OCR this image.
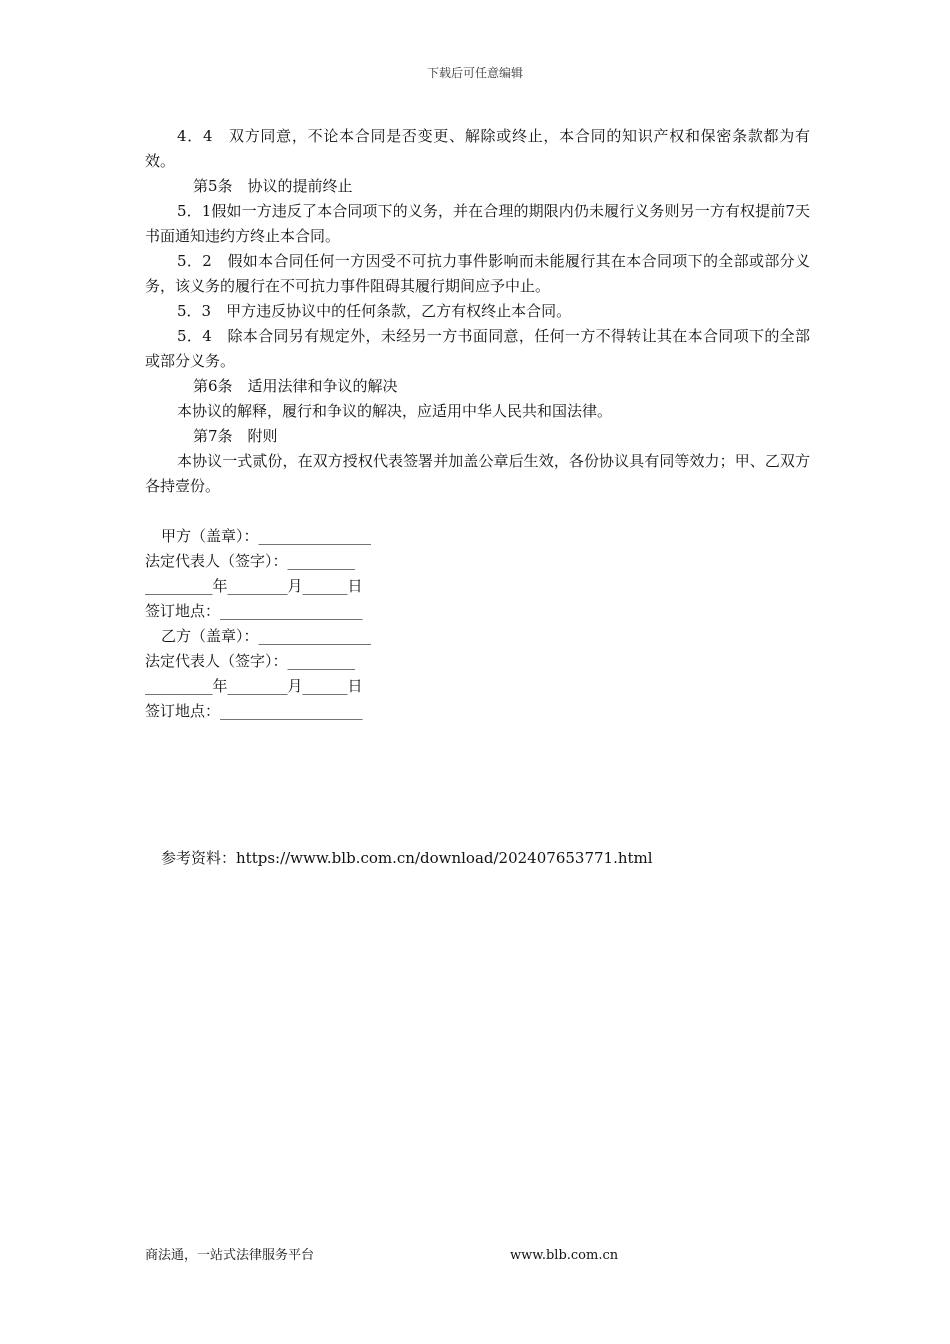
下载后可任意编辑

4．4　双方同意，不论本合同是否变更、解除或终止，本合同的知识产权和保密条款都为有效。

第5条　协议的提前终止

5．1假如一方违反了本合同项下的义务，并在合理的期限内仍未履行义务则另一方有权提前7天书面通知违约方终止本合同。

5．2　假如本合同任何一方因受不可抗力事件影响而未能履行其在本合同项下的全部或部分义务，该义务的履行在不可抗力事件阻碍其履行期间应予中止。

5．3　甲方违反协议中的任何条款，乙方有权终止本合同。

5．4　除本合同另有规定外，未经另一方书面同意，任何一方不得转让其在本合同项下的全部或部分义务。

第6条　适用法律和争议的解决

本协议的解释，履行和争议的解决，应适用中华人民共和国法律。

第7条　附则

本协议一式贰份，在双方授权代表签署并加盖公章后生效，各份协议具有同等效力；甲、乙双方各持壹份。

甲方（盖章）：_______________

法定代表人（签字）：_________

_________年________月______日

签订地点：___________________

乙方（盖章）：_______________

法定代表人（签字）：_________

_________年________月______日

签订地点：___________________

参考资料：https://www.blb.com.cn/download/202407653771.html
商法通，一站式法律服务平台	www.blb.com.cn
